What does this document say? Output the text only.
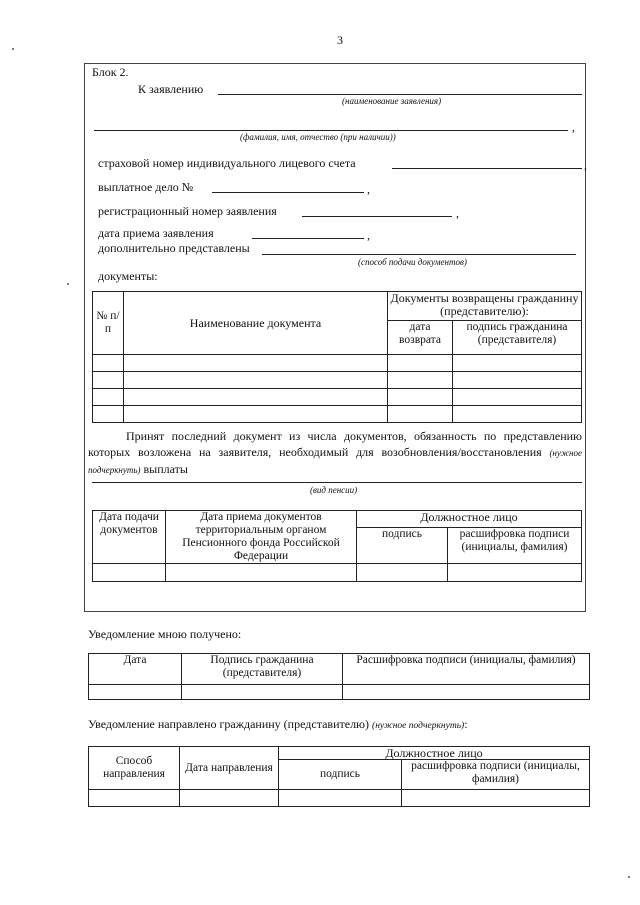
3
Блок 2.
К заявлению
(наименование заявления)
,
(фамилия, имя, отчество (при наличии))
страховой номер индивидуального лицевого счета	,
выплатное дело №	,
регистрационный номер заявления	,
дата приема заявления	,
дополнительно представлены
(способ подачи документов)
документы:
№ п/п	Наименование документа	Документы возвращены гражданину (представителю):	
		дата возврата	подпись гражданина (представителя)

Принят последний документ из числа документов, обязанность по представлению которых возложена на заявителя, необходимый для возобновления/восстановления (нужное подчеркнуть) выплаты
(вид пенсии)
Дата подачи документов	Дата приема документов территориальным органом Пенсионного фонда Российской Федерации	Должностное лицо	
		подпись	расшифровка подписи (инициалы, фамилия)

Уведомление мною получено:
Дата	Подпись гражданина (представителя)	Расшифровка подписи (инициалы, фамилия)

Уведомление направлено гражданину (представителю) (нужное подчеркнуть):
Способ направления	Дата направления	Должностное лицо	
		подпись	расшифровка подписи (инициалы, фамилия)
